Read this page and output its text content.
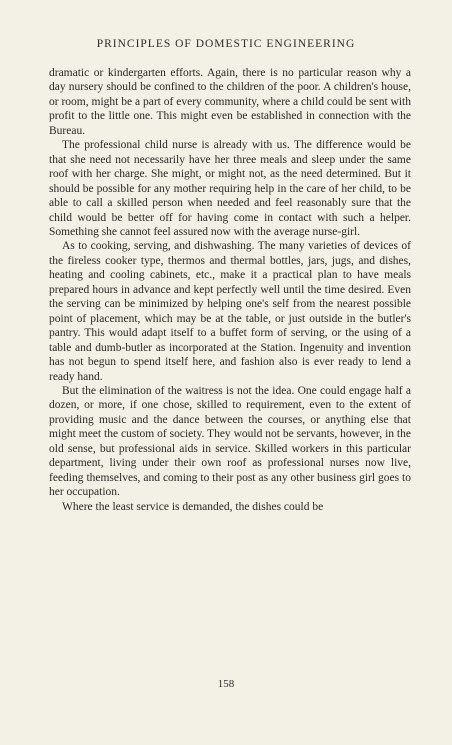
PRINCIPLES OF DOMESTIC ENGINEERING

dramatic or kindergarten efforts. Again, there is no particular reason why a day nursery should be confined to the children of the poor. A children's house, or room, might be a part of every community, where a child could be sent with profit to the little one. This might even be established in connection with the Bureau.

The professional child nurse is already with us. The difference would be that she need not necessarily have her three meals and sleep under the same roof with her charge. She might, or might not, as the need determined. But it should be possible for any mother requiring help in the care of her child, to be able to call a skilled person when needed and feel reasonably sure that the child would be better off for having come in contact with such a helper. Something she cannot feel assured now with the average nurse-girl.

As to cooking, serving, and dishwashing. The many varieties of devices of the fireless cooker type, thermos and thermal bottles, jars, jugs, and dishes, heating and cooling cabinets, etc., make it a practical plan to have meals prepared hours in advance and kept perfectly well until the time desired. Even the serving can be minimized by helping one's self from the nearest possible point of placement, which may be at the table, or just outside in the butler's pantry. This would adapt itself to a buffet form of serving, or the using of a table and dumb-butler as incorporated at the Station. Ingenuity and invention has not begun to spend itself here, and fashion also is ever ready to lend a ready hand.

But the elimination of the waitress is not the idea. One could engage half a dozen, or more, if one chose, skilled to requirement, even to the extent of providing music and the dance between the courses, or anything else that might meet the custom of society. They would not be servants, however, in the old sense, but professional aids in service. Skilled workers in this particular department, living under their own roof as professional nurses now live, feeding themselves, and coming to their post as any other business girl goes to her occupation.

Where the least service is demanded, the dishes could be

158
